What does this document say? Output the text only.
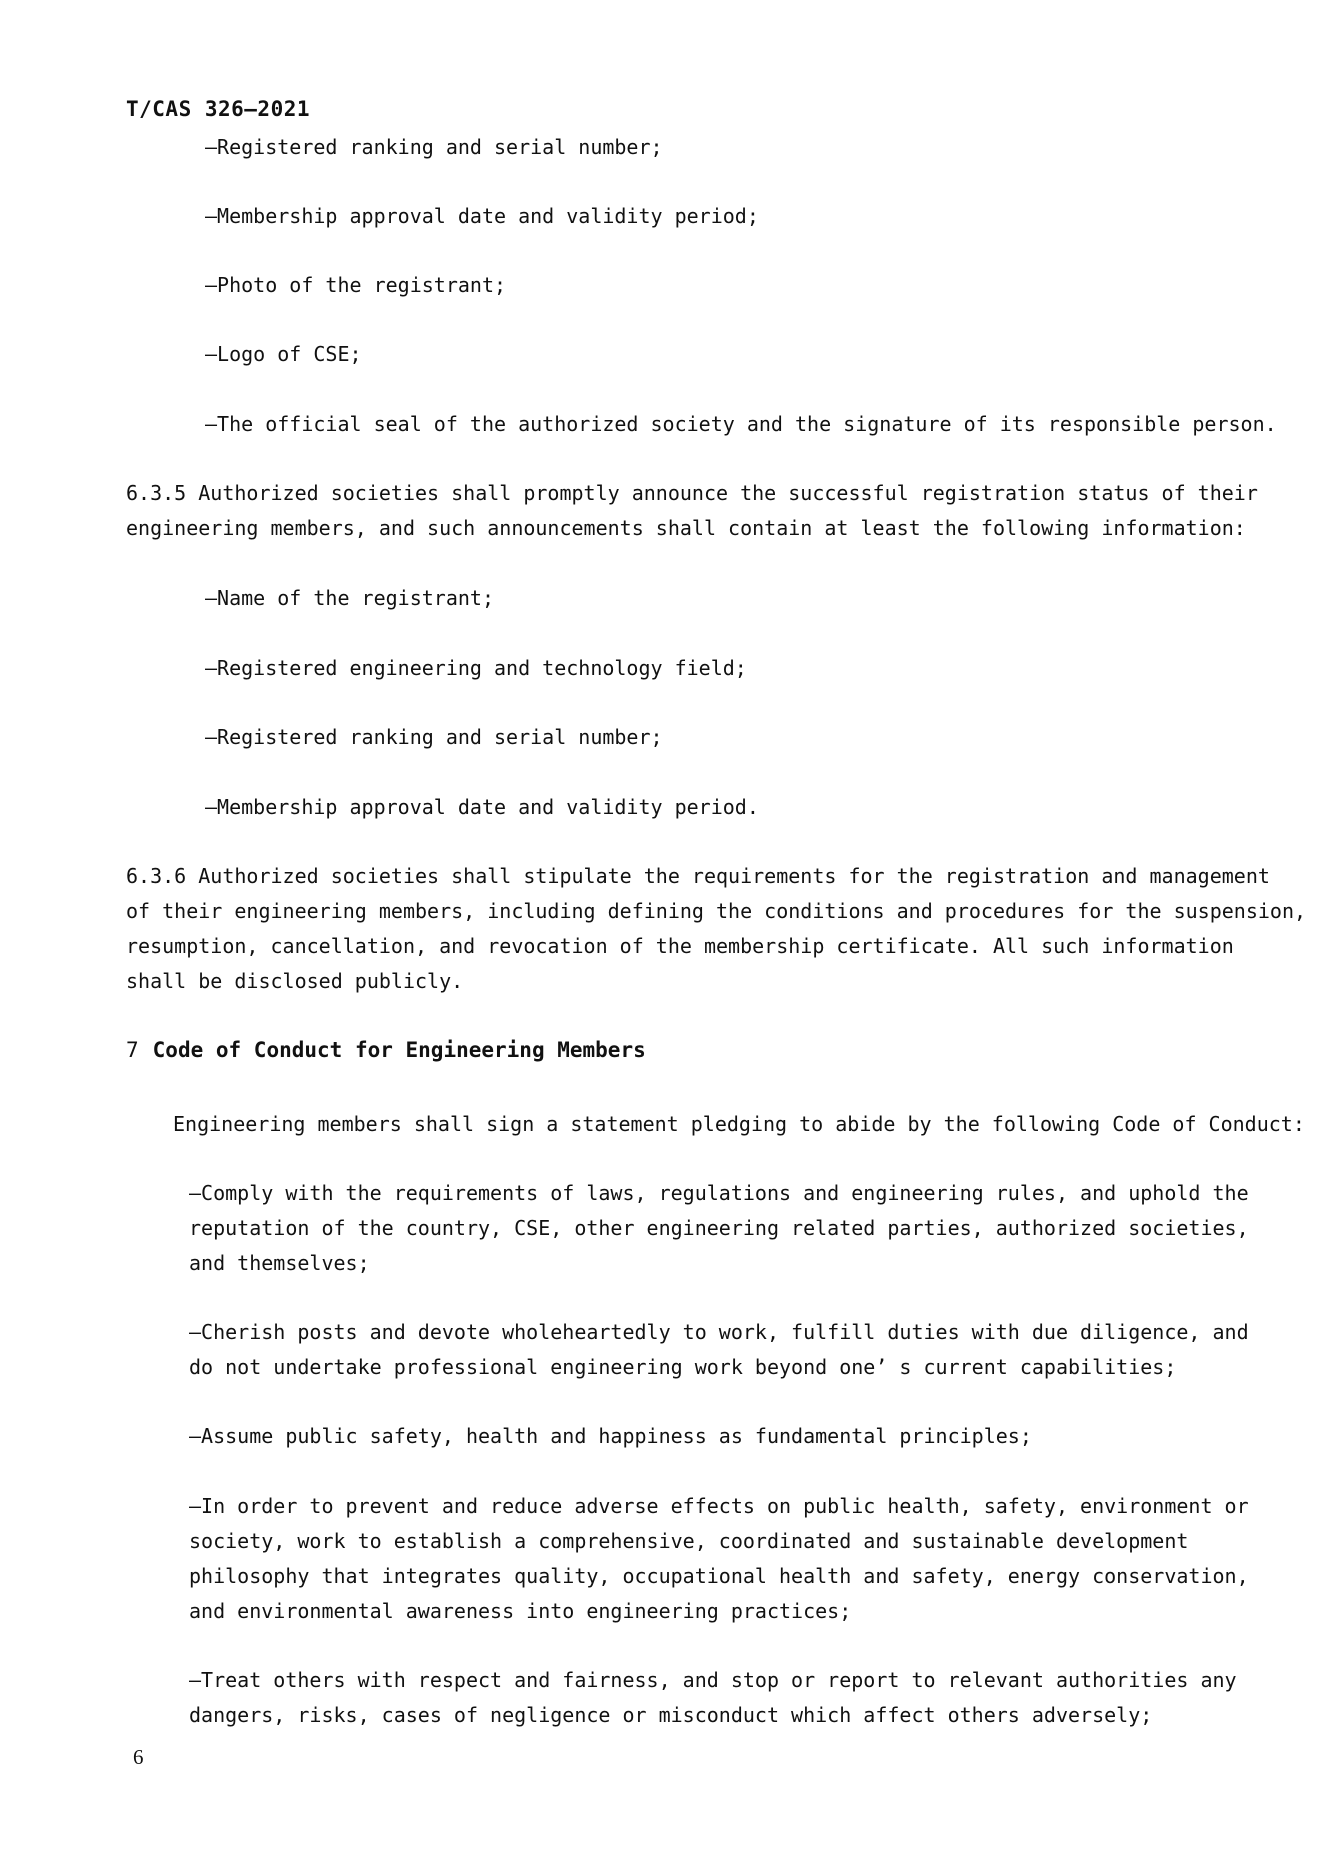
T/CAS 326—2021
—Registered ranking and serial number;
—Membership approval date and validity period;
—Photo of the registrant;
—Logo of CSE;
—The official seal of the authorized society and the signature of its responsible person.
6.3.5 Authorized societies shall promptly announce the successful registration status of their
engineering members, and such announcements shall contain at least the following information:
—Name of the registrant;
—Registered engineering and technology field;
—Registered ranking and serial number;
—Membership approval date and validity period.
6.3.6 Authorized societies shall stipulate the requirements for the registration and management
of their engineering members, including defining the conditions and procedures for the suspension,
resumption, cancellation, and revocation of the membership certificate. All such information
shall be disclosed publicly.
7 Code of Conduct for Engineering Members
Engineering members shall sign a statement pledging to abide by the following Code of Conduct:
—Comply with the requirements of laws, regulations and engineering rules, and uphold the
reputation of the country, CSE, other engineering related parties, authorized societies,
and themselves;
—Cherish posts and devote wholeheartedly to work, fulfill duties with due diligence, and
do not undertake professional engineering work beyond one’ s current capabilities;
—Assume public safety, health and happiness as fundamental principles;
—In order to prevent and reduce adverse effects on public health, safety, environment or
society, work to establish a comprehensive, coordinated and sustainable development
philosophy that integrates quality, occupational health and safety, energy conservation,
and environmental awareness into engineering practices;
—Treat others with respect and fairness, and stop or report to relevant authorities any
dangers, risks, cases of negligence or misconduct which affect others adversely;
6
